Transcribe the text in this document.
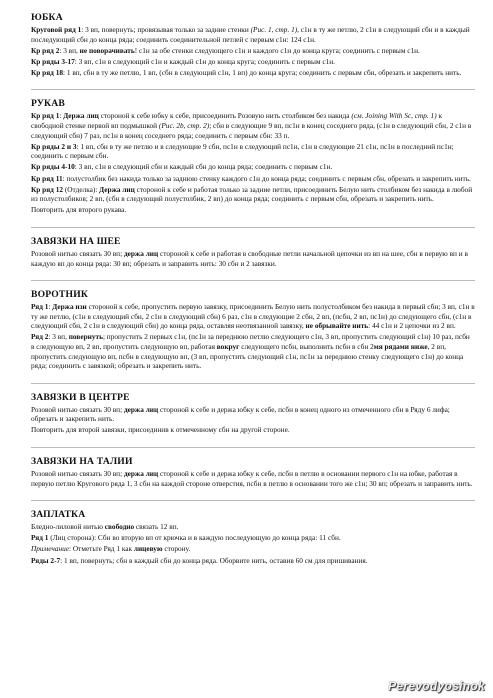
ЮБКА
Круговой ряд 1: 3 вп, повернуть; провязывая только за задние стенки (Рис. 1, стр. 1), с1н в ту же петлю, 2 с1н в следующий сбн и в каждый последующий сбн до конца ряда; соединить соединительной петлей с первым с1н: 124 с1н.
Кр ряд 2: 3 вп, не поворачивать! с1н за обе стенки следующего с1н и каждого с1н до конца круга; соединить с первым с1н.
Кр ряды 3-17: 3 вп, с1н в следующий с1н и каждый с1н до конца круга; соединить с первым с1н.
Кр ряд 18: 1 вп, сбн в ту же петлю, 1 вп, (сбн в следующий с1н, 1 вп) до конца круга; соединить с первым сбн, обрезать и закрепить нить.
РУКАВ
Кр ряд 1: Держа лиц стороной к себе юбку к себе, присоединить Розовую нить столбиком без накида (см. Joining With Sc, стр. 1) к свободной стенке первой вп подмышкой (Рис. 2b, стр. 2); сбн в следующие 9 вп, пс1н в конец соседнего ряда, (с1н в следующий сбн, 2 с1н в следующий сбн) 7 раз, пс1н в конец соседнего ряда; соединить с первым сбн: 33 п.
Кр ряды 2 и 3: 1 вп, сбн в ту же петлю и в следующие 9 сбн, пс1н в следующий пс1н, с1н в следующие 21 с1н, пс1н в последний пс1н; соединить с первым сбн.
Кр ряды 4-10: 3 вп, с1н в следующий сбн и каждый сбн до конца ряда; соединить с первым с1н.
Кр ряд 11: полустолбик без накида только за заднюю стенку каждого с1н до конца ряда; соединить с первым сбн, обрезать и закрепить нить.
Кр ряд 12 (Отделка): Держа лиц стороной к себе и работая только за задние петли, присоединить Белую нить столбиком без накида в любой из полустолбиков; 2 вп, (сбн в следующий полустолбик, 2 вп) до конца ряда; соединить с первым сбн, обрезать и закрепить нить.
Повторить для второго рукава.
ЗАВЯЗКИ НА ШЕЕ
Розовой нитью связать 30 вп; держа лиц стороной к себе и работая в свободные петли начальной цепочки из вп на шее, сбн в первую вп и в каждую вп до конца ряда: 30 вп; обрезать и заправить нить: 30 сбн и 2 завязки.
ВОРОТНИК
Ряд 1: Держа изн стороной к себе, пропустить первую завязку, присоединить Белую нить полустолбиком без накида в первый сбн; 3 вп, с1н в ту же петлю, (с1н в следующий сбн, 2 с1н в следующий сбн) 6 раз, с1н в следующие 2 сбн, 2 вп, (псбн, 2 вп, пс1н) до следующего сбн, (с1н в следующий сбн, 2 с1н в следующий сбн) до конца ряда, оставляя неотвязанной завязку, не обрывайте нить: 44 с1н и 2 цепочки из 2 вп.
Ряд 2: 3 вп, повернуть; пропустить 2 первых с1н, (пс1н за переднюю петлю следующего с1н, 3 вп, пропустить следующий с1н) 10 раз, псбн в следующую вп, 2 вп, пропустить следующую вп, работая вокруг следующего псбн, выполнить псбн в сбн 2мя рядами ниже, 2 вп, пропустить следующую вп, псбн в следующую вп, (3 вп, пропустить следующий с1н, пс1н за переднюю стенку следующего с1н) до конца ряда; соединить с завязкой; обрезать и закрепить нить.
ЗАВЯЗКИ В ЦЕНТРЕ
Розовой нитью связать 30 вп; держа лиц стороной к себе и держа юбку к себе, псбн в конец одного из отмеченного сбн в Ряду 6 лифа; обрезать и закрепить нить.
Повторить для второй завязки, присоединив к отмеченному сбн на другой стороне.
ЗАВЯЗКИ НА ТАЛИИ
Розовой нитью связать 30 вп; держа лиц стороной к себе и держа юбку к себе, псбн в петлю в основании первого с1н на юбке, работая в первую петлю Кругового ряда 1, 3 сбн на каждой стороне отверстия, псбн в петлю в основании того же с1н; 30 вп; обрезать и заправить нить.
ЗАПЛАТКА
Бледно-лиловой нитью свободно связать 12 вп.
Ряд 1 (Лиц сторона): Сбн во вторую вп от крючка и в каждую последующую до конца ряда: 11 сбн.
Примечание: Отметьте Ряд 1 как лицевую сторону.
Ряды 2-7: 1 вп, повернуть; сбн в каждый сбн до конца ряда. Оборвите нить, оставив 60 см для пришивания.
Perevodyosinok
